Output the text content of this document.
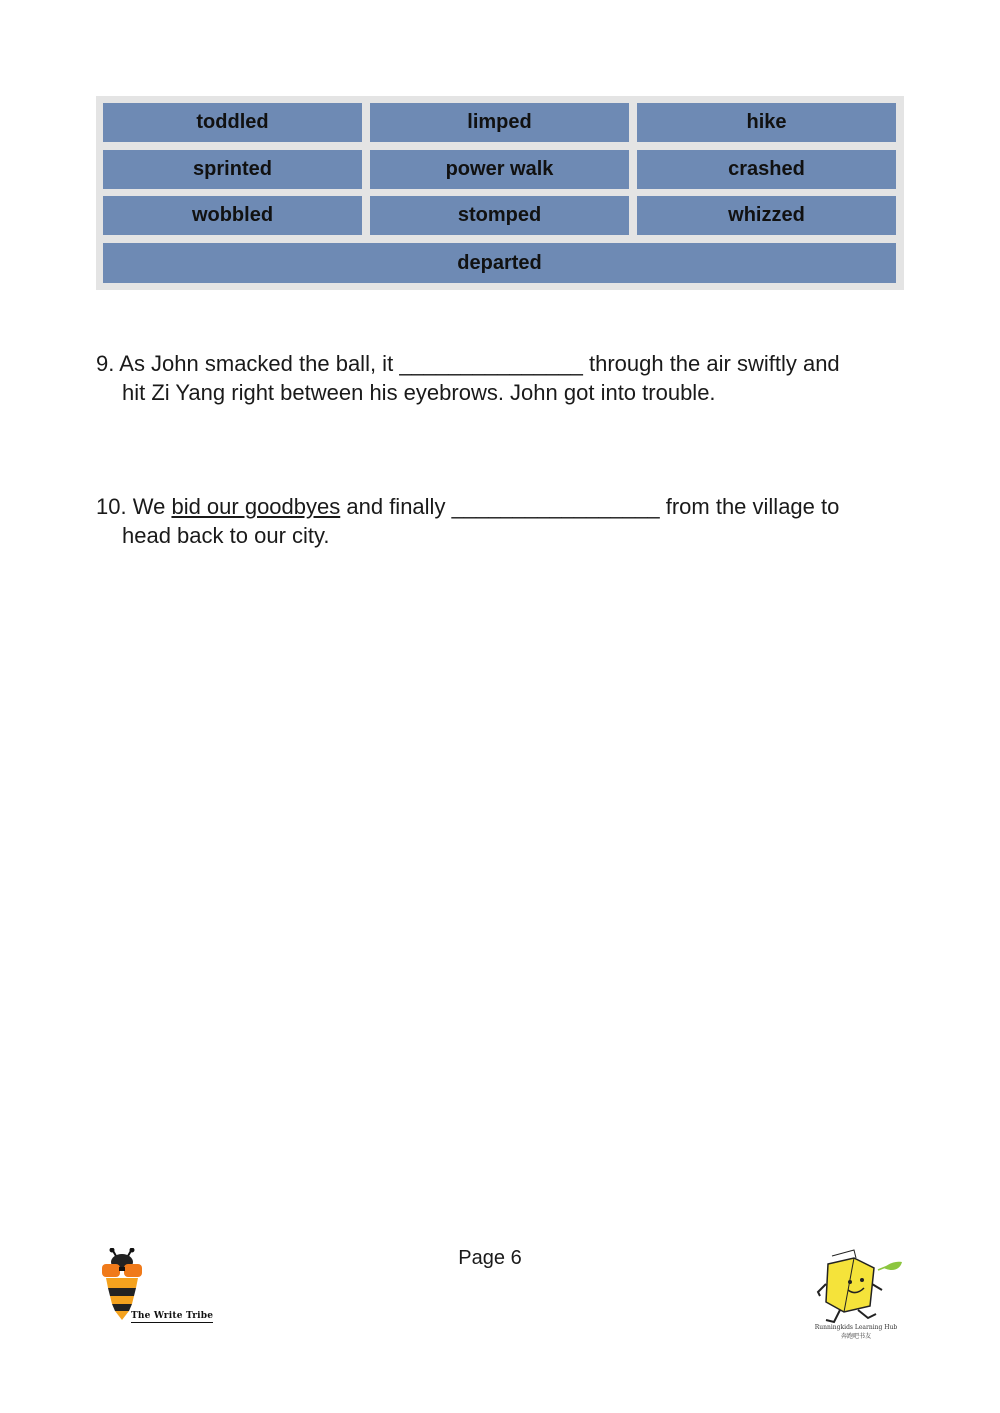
toddled	limped	hike
sprinted	power walk	crashed
wobbled	stomped	whizzed
departed
9. As John smacked the ball, it _______________ through the air swiftly and
hit Zi Yang right between his eyebrows. John got into trouble.
10. We bid our goodbyes and finally _________________ from the village to
head back to our city.
Page 6
The Write Tribe
Runningkids Learning Hub
奔跑吧书友
